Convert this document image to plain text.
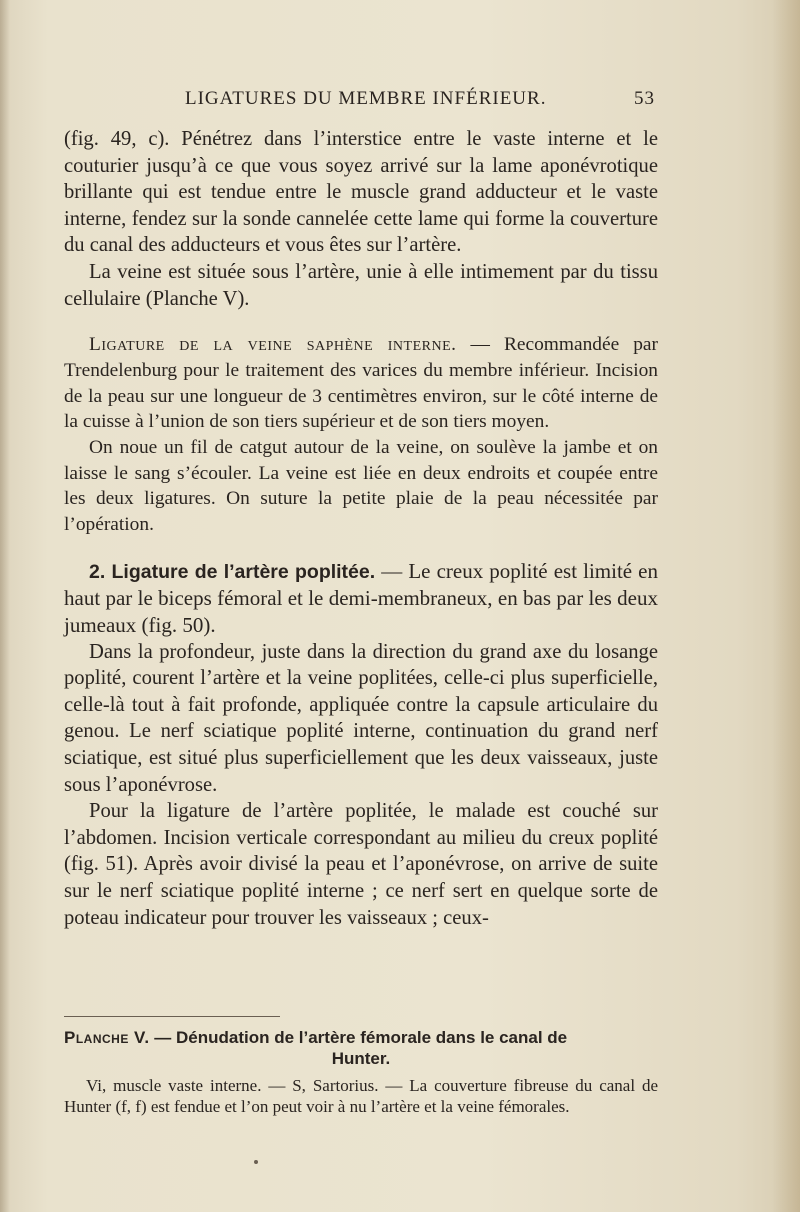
LIGATURES DU MEMBRE INFÉRIEUR.	53

(fig. 49, c). Pénétrez dans l’interstice entre le vaste interne et le couturier jusqu’à ce que vous soyez arrivé sur la lame aponévrotique brillante qui est tendue entre le muscle grand adducteur et le vaste interne, fendez sur la sonde cannelée cette lame qui forme la couverture du canal des adducteurs et vous êtes sur l’artère.

La veine est située sous l’artère, unie à elle intimement par du tissu cellulaire (Planche V).

Ligature de la veine saphène interne. — Recommandée par Trendelenburg pour le traitement des varices du membre inférieur. Incision de la peau sur une longueur de 3 centimètres environ, sur le côté interne de la cuisse à l’union de son tiers supérieur et de son tiers moyen.

On noue un fil de catgut autour de la veine, on soulève la jambe et on laisse le sang s’écouler. La veine est liée en deux endroits et coupée entre les deux ligatures. On suture la petite plaie de la peau nécessitée par l’opération.

2. Ligature de l’artère poplitée. — Le creux poplité est limité en haut par le biceps fémoral et le demi-membraneux, en bas par les deux jumeaux (fig. 50).

Dans la profondeur, juste dans la direction du grand axe du losange poplité, courent l’artère et la veine poplitées, celle-ci plus superficielle, celle-là tout à fait profonde, appliquée contre la capsule articulaire du genou. Le nerf sciatique poplité interne, continuation du grand nerf sciatique, est situé plus superficiellement que les deux vaisseaux, juste sous l’aponévrose.

Pour la ligature de l’artère poplitée, le malade est couché sur l’abdomen. Incision verticale correspondant au milieu du creux poplité (fig. 51). Après avoir divisé la peau et l’aponévrose, on arrive de suite sur le nerf sciatique poplité interne ; ce nerf sert en quelque sorte de poteau indicateur pour trouver les vaisseaux ; ceux-

Planche V. — Dénudation de l’artère fémorale dans le canal de

Hunter.

Vi, muscle vaste interne. — S, Sartorius. — La couverture fibreuse du canal de Hunter (f, f) est fendue et l’on peut voir à nu l’artère et la veine fémorales.
